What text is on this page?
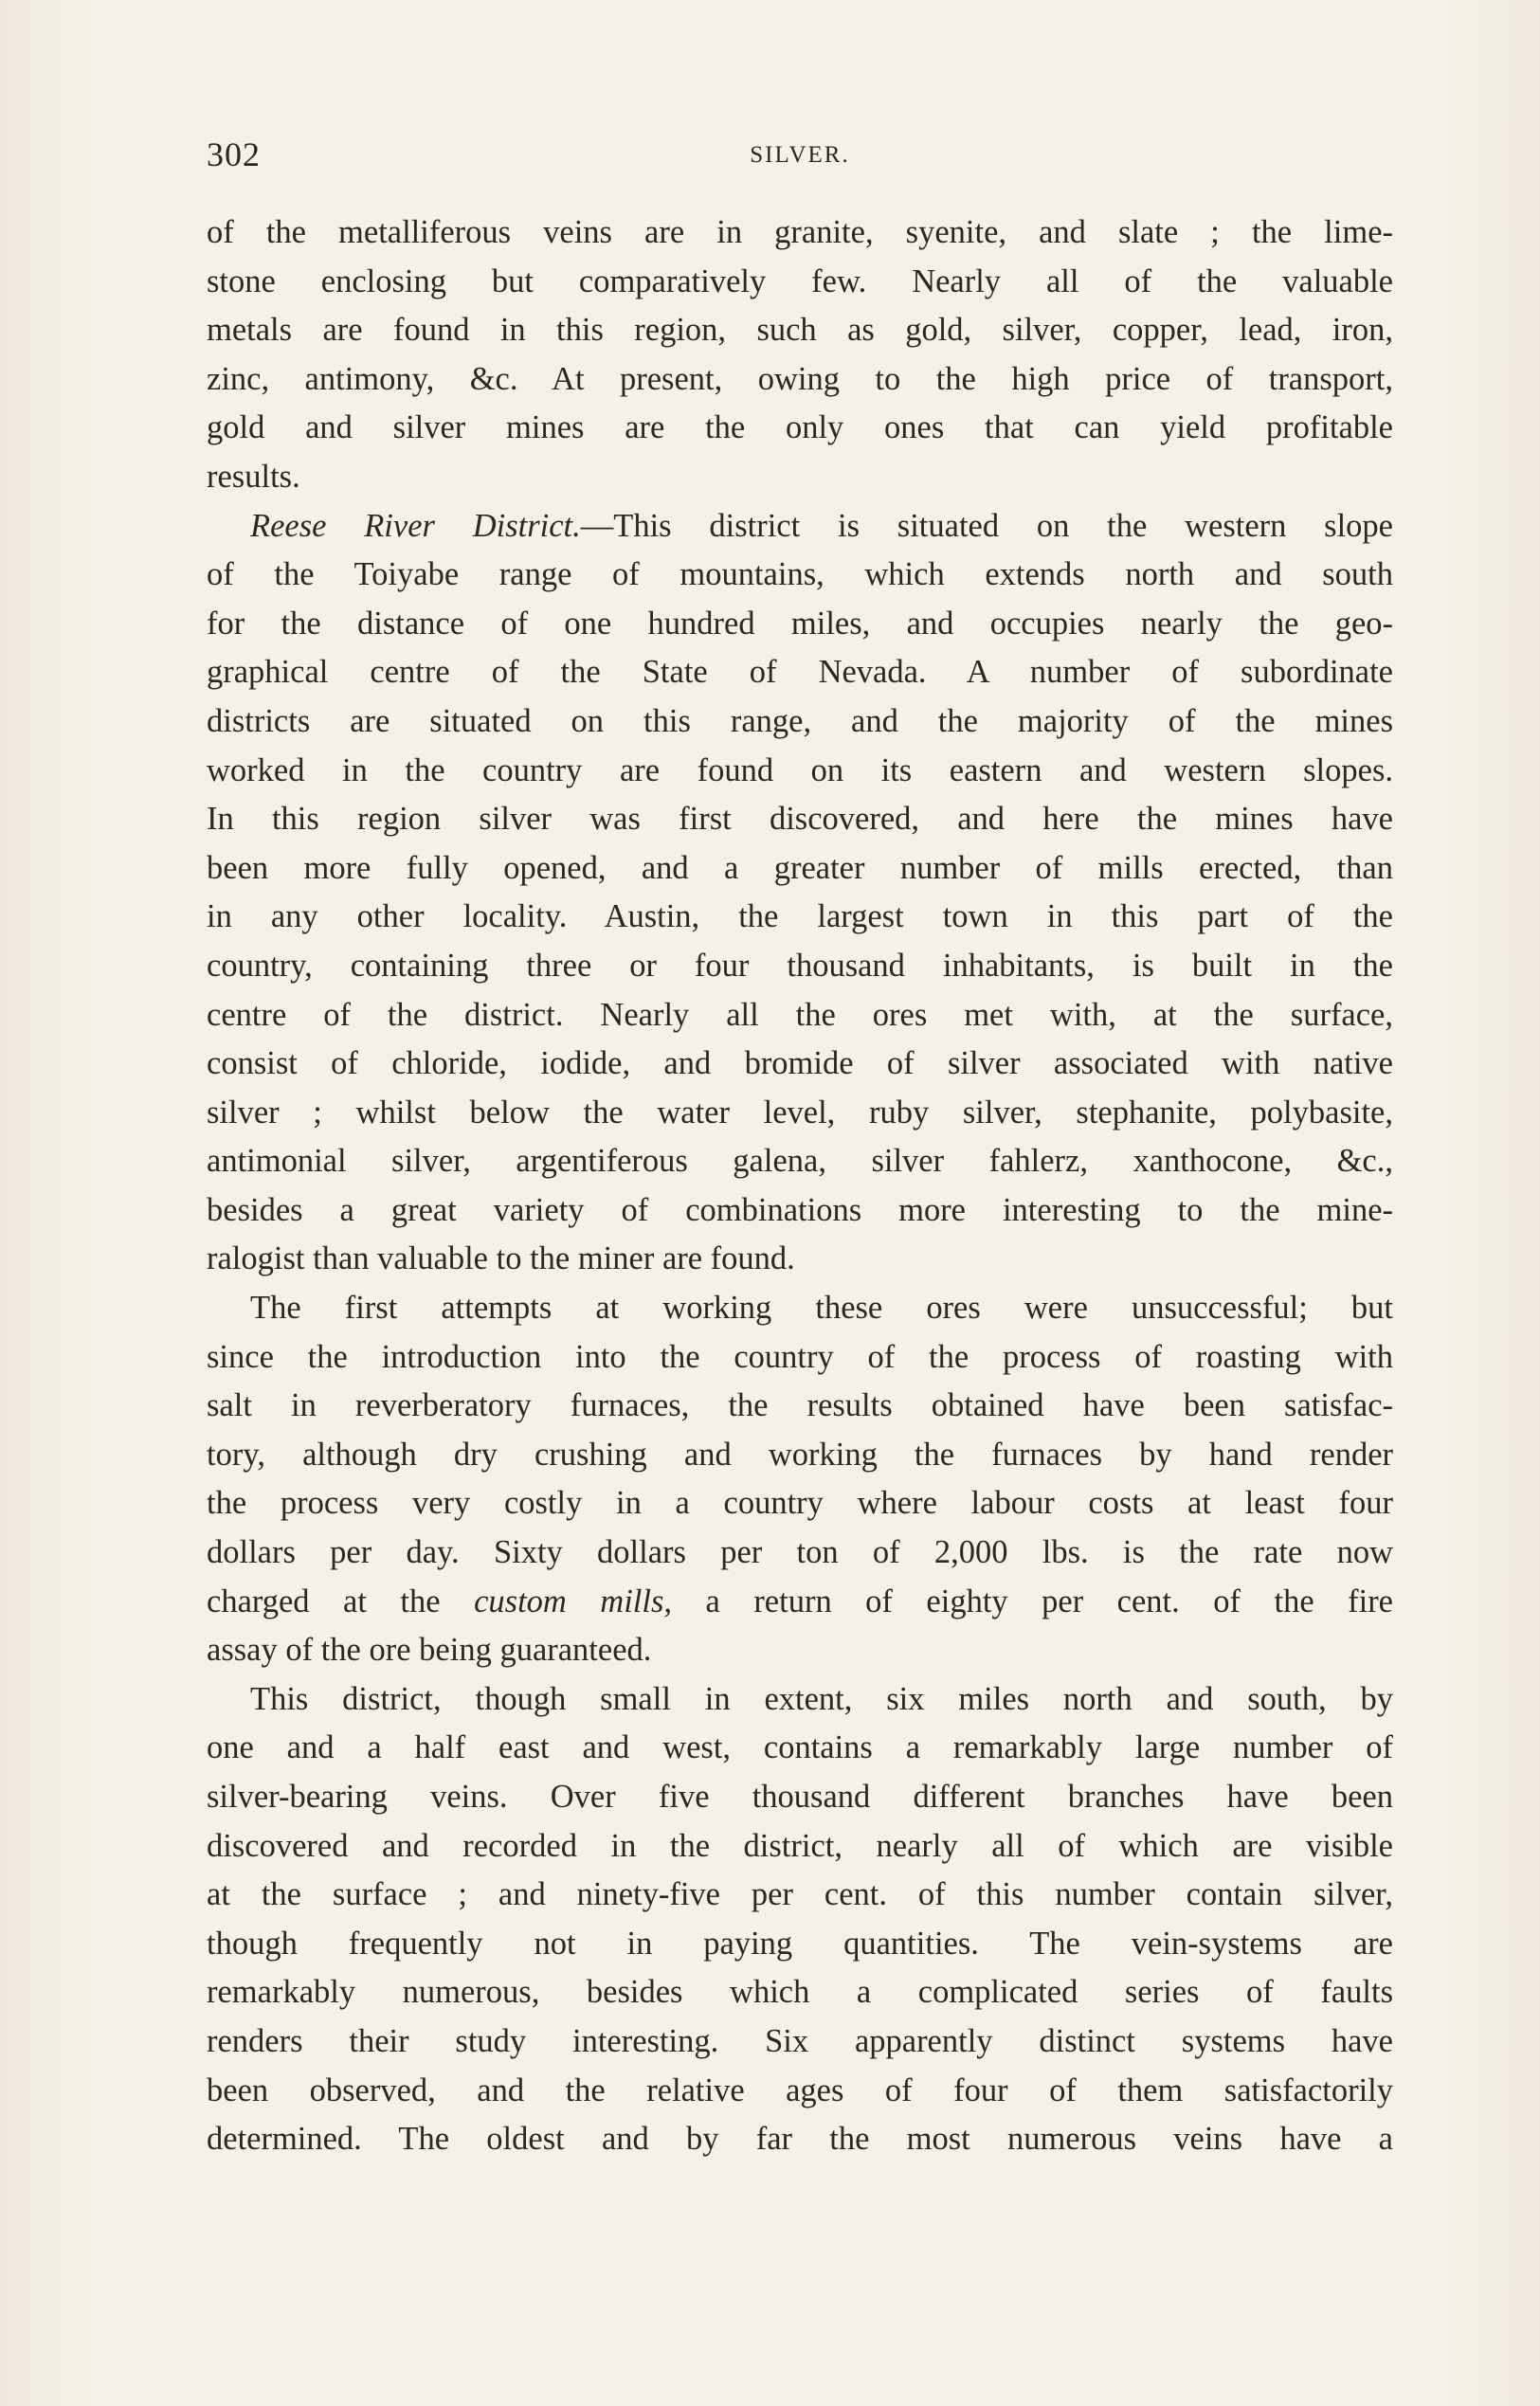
302	SILVER.
of the metalliferous veins are in granite, syenite, and slate ; the lime-
stone enclosing but comparatively few. Nearly all of the valuable
metals are found in this region, such as gold, silver, copper, lead, iron,
zinc, antimony, &c. At present, owing to the high price of transport,
gold and silver mines are the only ones that can yield profitable
results.
Reese River District.—This district is situated on the western slope
of the Toiyabe range of mountains, which extends north and south
for the distance of one hundred miles, and occupies nearly the geo-
graphical centre of the State of Nevada. A number of subordinate
districts are situated on this range, and the majority of the mines
worked in the country are found on its eastern and western slopes.
In this region silver was first discovered, and here the mines have
been more fully opened, and a greater number of mills erected, than
in any other locality. Austin, the largest town in this part of the
country, containing three or four thousand inhabitants, is built in the
centre of the district. Nearly all the ores met with, at the surface,
consist of chloride, iodide, and bromide of silver associated with native
silver ; whilst below the water level, ruby silver, stephanite, polybasite,
antimonial silver, argentiferous galena, silver fahlerz, xanthocone, &c.,
besides a great variety of combinations more interesting to the mine-
ralogist than valuable to the miner are found.
The first attempts at working these ores were unsuccessful; but
since the introduction into the country of the process of roasting with
salt in reverberatory furnaces, the results obtained have been satisfac-
tory, although dry crushing and working the furnaces by hand render
the process very costly in a country where labour costs at least four
dollars per day. Sixty dollars per ton of 2,000 lbs. is the rate now
charged at the custom mills, a return of eighty per cent. of the fire
assay of the ore being guaranteed.
This district, though small in extent, six miles north and south, by
one and a half east and west, contains a remarkably large number of
silver-bearing veins. Over five thousand different branches have been
discovered and recorded in the district, nearly all of which are visible
at the surface ; and ninety-five per cent. of this number contain silver,
though frequently not in paying quantities. The vein-systems are
remarkably numerous, besides which a complicated series of faults
renders their study interesting. Six apparently distinct systems have
been observed, and the relative ages of four of them satisfactorily
determined. The oldest and by far the most numerous veins have a
